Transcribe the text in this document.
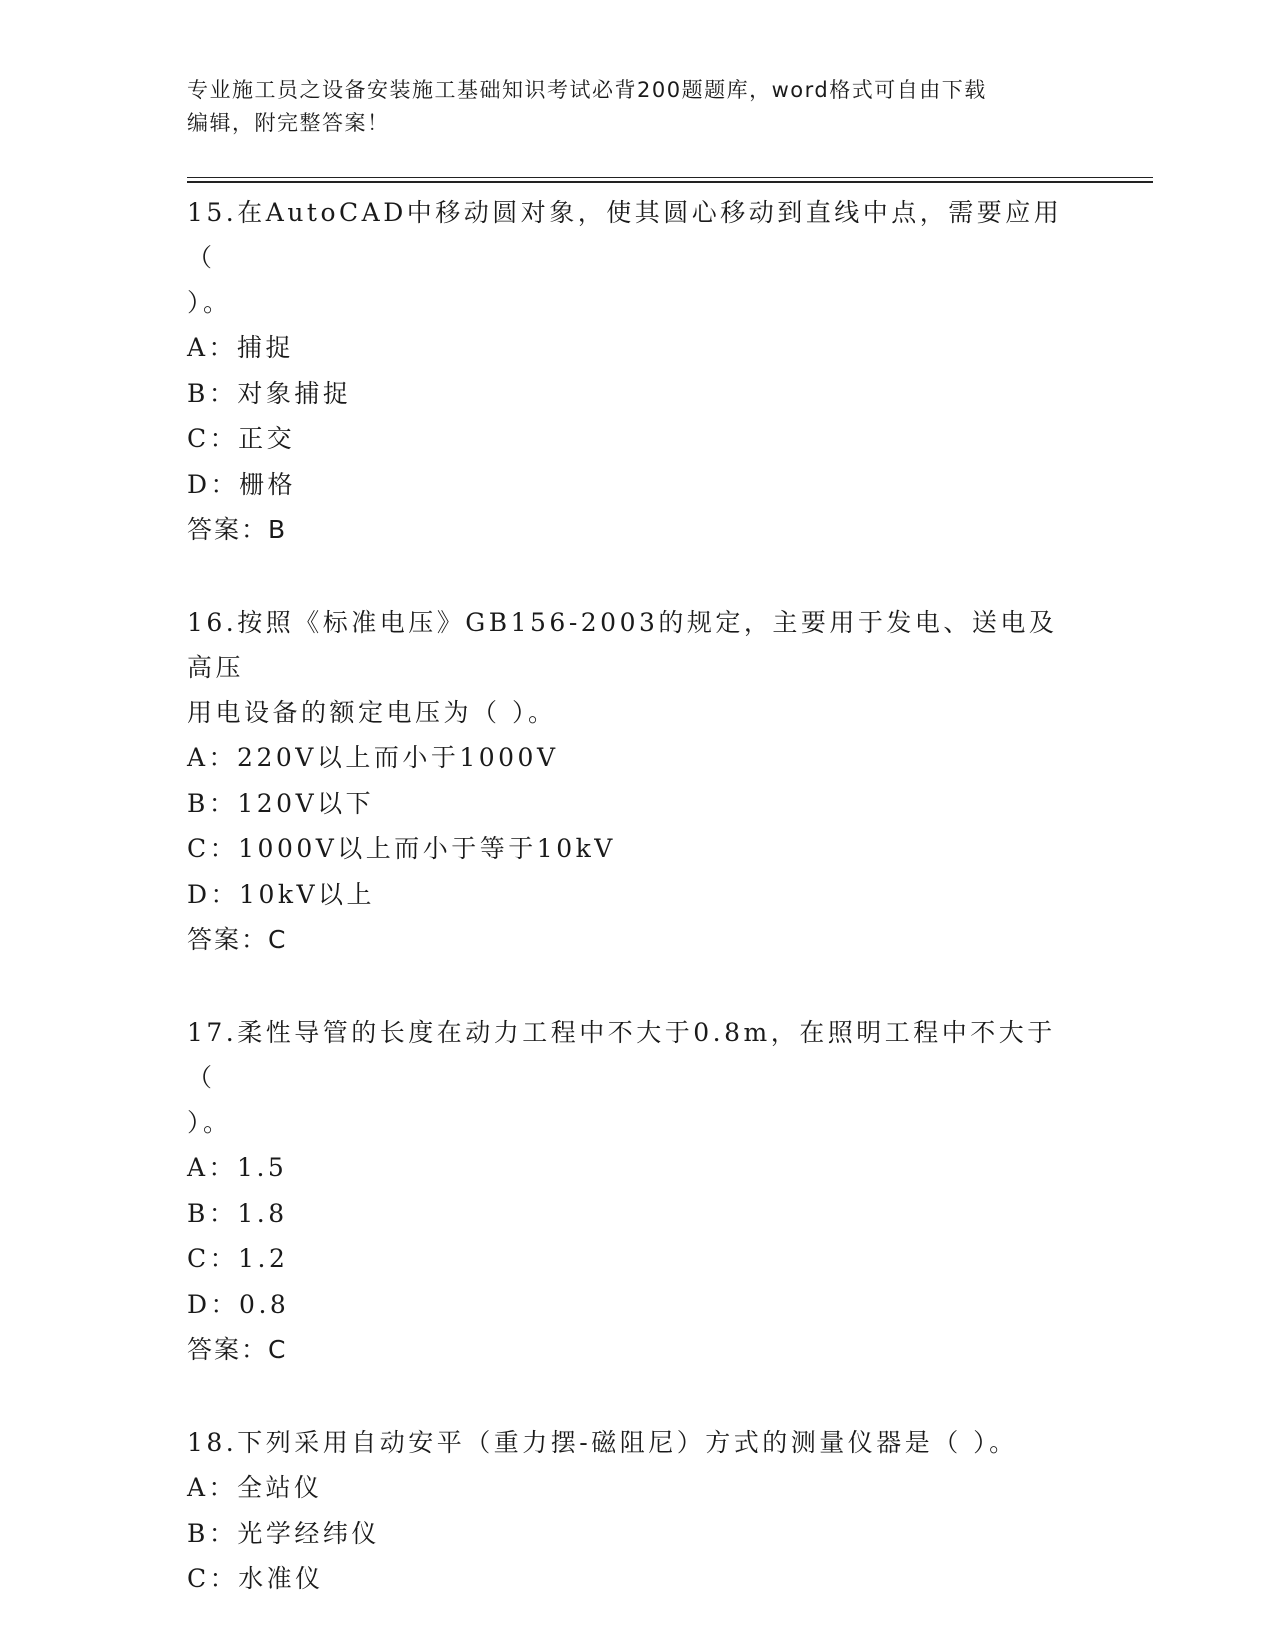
专业施工员之设备安装施工基础知识考试必背200题题库，word格式可自由下载
编辑，附完整答案！

15.在AutoCAD中移动圆对象，使其圆心移动到直线中点，需要应用（

）。

A：捕捉

B：对象捕捉

C：正交

D：栅格

答案：B

16.按照《标准电压》GB156-2003的规定，主要用于发电、送电及高压

用电设备的额定电压为（ ）。

A：220V以上而小于1000V

B：120V以下

C：1000V以上而小于等于10kV

D：10kV以上

答案：C

17.柔性导管的长度在动力工程中不大于0.8m，在照明工程中不大于（

）。

A：1.5

B：1.8

C：1.2

D：0.8

答案：C

18.下列采用自动安平（重力摆-磁阻尼）方式的测量仪器是（ ）。

A：全站仪

B：光学经纬仪

C：水准仪
